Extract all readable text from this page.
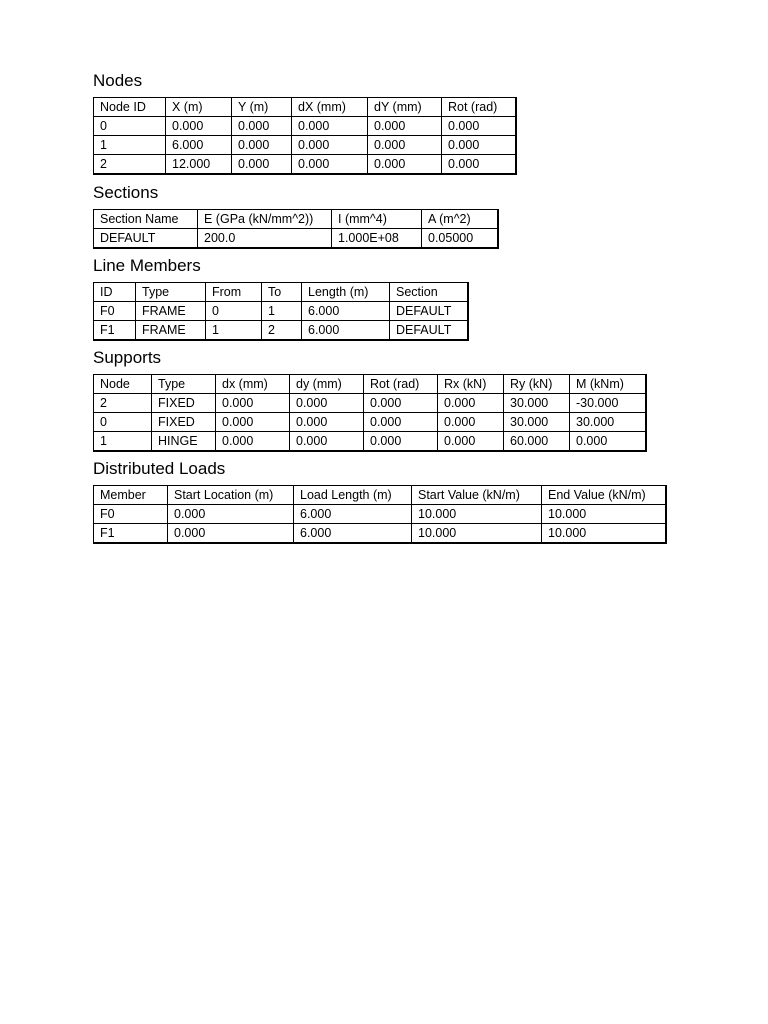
Nodes
Node ID	X (m)	Y (m)	dX (mm)	dY (mm)	Rot (rad)
0	0.000	0.000	0.000	0.000	0.000
1	6.000	0.000	0.000	0.000	0.000
2	12.000	0.000	0.000	0.000	0.000
Sections
Section Name	E (GPa (kN/mm^2))	I (mm^4)	A (m^2)
DEFAULT	200.0	1.000E+08	0.05000
Line Members
ID	Type	From	To	Length (m)	Section
F0	FRAME	0	1	6.000	DEFAULT
F1	FRAME	1	2	6.000	DEFAULT
Supports
Node	Type	dx (mm)	dy (mm)	Rot (rad)	Rx (kN)	Ry (kN)	M (kNm)
2	FIXED	0.000	0.000	0.000	0.000	30.000	-30.000
0	FIXED	0.000	0.000	0.000	0.000	30.000	30.000
1	HINGE	0.000	0.000	0.000	0.000	60.000	0.000
Distributed Loads
Member	Start Location (m)	Load Length (m)	Start Value (kN/m)	End Value (kN/m)
F0	0.000	6.000	10.000	10.000
F1	0.000	6.000	10.000	10.000
